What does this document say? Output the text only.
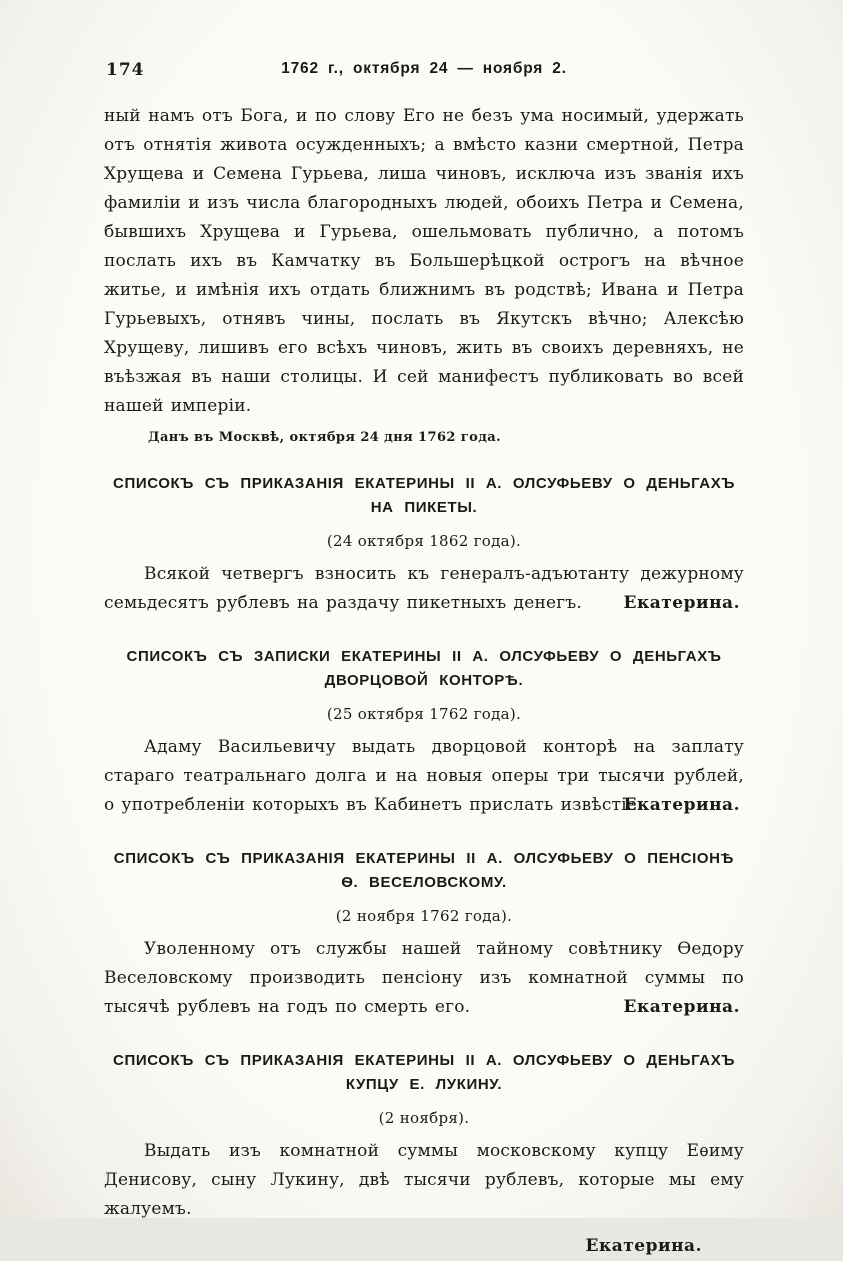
174	1762 г., октября 24 — ноября 2.

ный намъ отъ Бога, и по слову Его не безъ ума носимый, удержать отъ отнятія живота осужденныхъ; а вмѣсто казни смертной, Петра Хрущева и Семена Гурьева, лиша чиновъ, исключа изъ званія ихъ фамиліи и изъ числа благородныхъ людей, обоихъ Петра и Семена, бывшихъ Хрущева и Гурьева, ошельмовать публично, а потомъ послать ихъ въ Камчатку въ Большерѣцкой острогъ на вѣчное житье, и имѣнія ихъ отдать ближнимъ въ родствѣ; Ивана и Петра Гурьевыхъ, отнявъ чины, послать въ Якутскъ вѣчно; Алексѣю Хрущеву, лишивъ его всѣхъ чиновъ, жить въ своихъ деревняхъ, не въѣзжая въ наши столицы. И сей манифестъ публиковать во всей нашей имперіи.

Данъ въ Москвѣ, октября 24 дня 1762 года.

СПИСОКЪ СЪ ПРИКАЗАНІЯ ЕКАТЕРИНЫ II А. ОЛСУФЬЕВУ О ДЕНЬГАХЪ НА ПИКЕТЫ.

(24 октября 1862 года).

Всякой четвергъ взносить къ генералъ-адъютанту дежурному семьдесятъ рублевъ на раздачу пикетныхъ денегъ.	Екатерина.

СПИСОКЪ СЪ ЗАПИСКИ ЕКАТЕРИНЫ II А. ОЛСУФЬЕВУ О ДЕНЬГАХЪ ДВОРЦОВОЙ КОНТОРѢ.

(25 октября 1762 года).

Адаму Васильевичу выдать дворцовой конторѣ на заплату стараго театральнаго долга и на новыя оперы три тысячи рублей, о употребленіи которыхъ въ Кабинетъ прислать извѣстіе.

Екатерина.

СПИСОКЪ СЪ ПРИКАЗАНІЯ ЕКАТЕРИНЫ II А. ОЛСУФЬЕВУ О ПЕНСІОНѢ Ѳ. ВЕСЕЛОВСКОМУ.

(2 ноября 1762 года).

Уволенному отъ службы нашей тайному совѣтнику Ѳедору Веселовскому производить пенсіону изъ комнатной суммы по тысячѣ рублевъ на годъ по смерть его.	Екатерина.

СПИСОКЪ СЪ ПРИКАЗАНІЯ ЕКАТЕРИНЫ II А. ОЛСУФЬЕВУ О ДЕНЬГАХЪ КУПЦУ Е. ЛУКИНУ.

(2 ноября).

Выдать изъ комнатной суммы московскому купцу Еѳиму Денисову, сыну Лукину, двѣ тысячи рублевъ, которые мы ему жалуемъ.

Екатерина.
